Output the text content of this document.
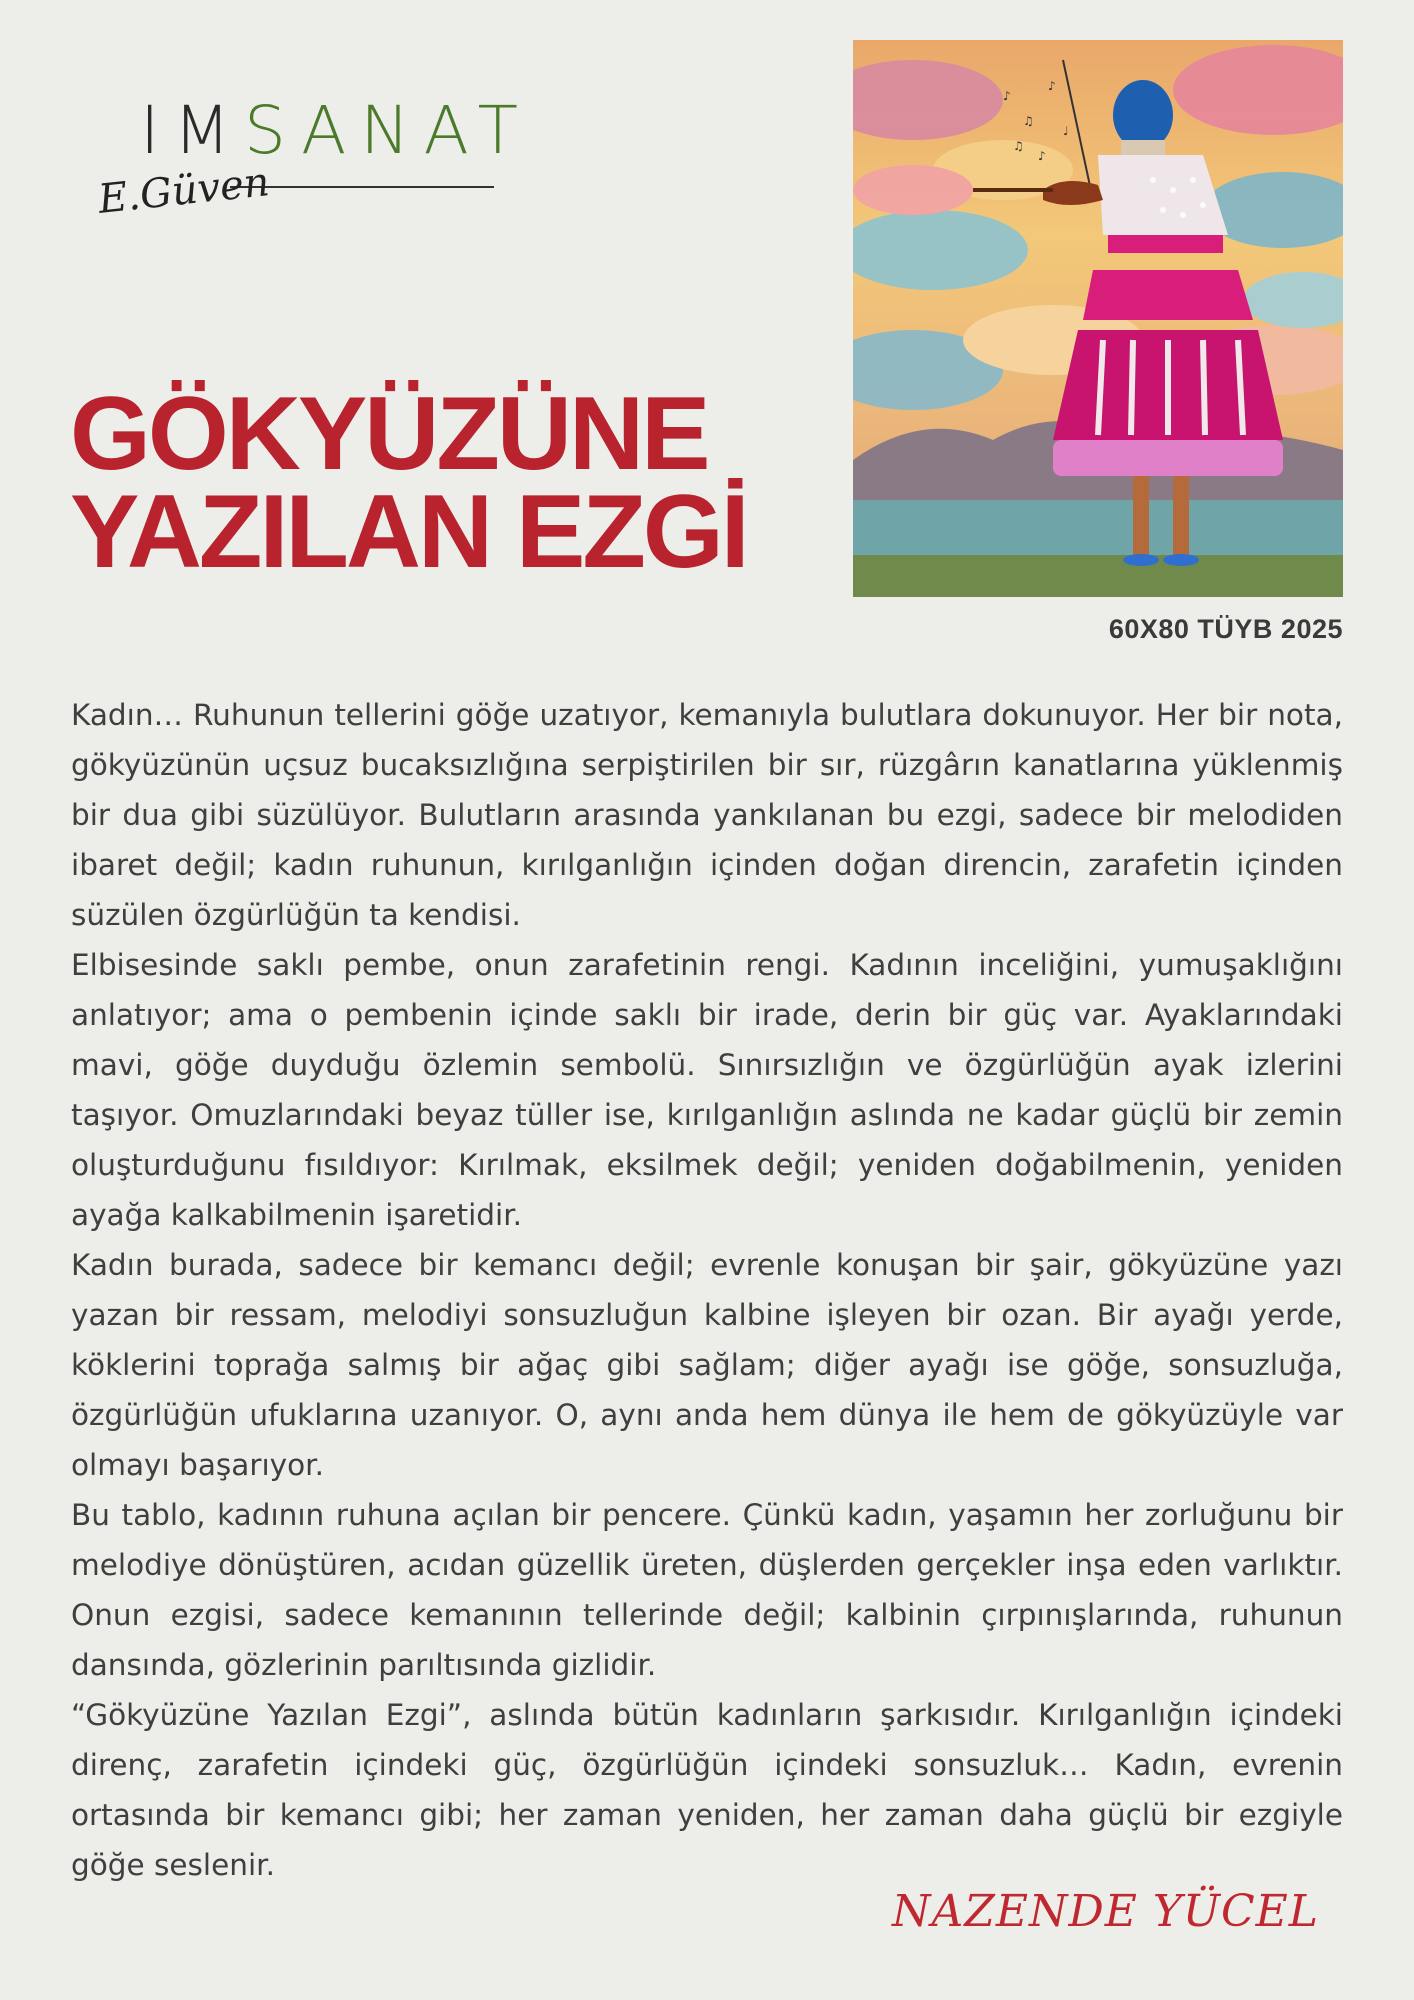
IM SANAT
E.Güven
GÖKYÜZÜNE
YAZILAN EZGİ
♪
♫
♪
♩
♫
♪
60X80 TÜYB 2025

Kadın… Ruhunun tellerini göğe uzatıyor, kemanıyla bulutlara dokunuyor. Her bir nota, gökyüzünün uçsuz bucaksızlığına serpiştirilen bir sır, rüzgârın kanatlarına yüklenmiş bir dua gibi süzülüyor. Bulutların arasında yankılanan bu ezgi, sadece bir melodiden ibaret değil; kadın ruhunun, kırılganlığın içinden doğan direncin, zarafetin içinden süzülen özgürlüğün ta kendisi.

Elbisesinde saklı pembe, onun zarafetinin rengi. Kadının inceliğini, yumuşaklığını anlatıyor; ama o pembenin içinde saklı bir irade, derin bir güç var. Ayaklarındaki mavi, göğe duyduğu özlemin sembolü. Sınırsızlığın ve özgürlüğün ayak izlerini taşıyor. Omuzlarındaki beyaz tüller ise, kırılganlığın aslında ne kadar güçlü bir zemin oluşturduğunu fısıldıyor: Kırılmak, eksilmek değil; yeniden doğabilmenin, yeniden ayağa kalkabilmenin işaretidir.

Kadın burada, sadece bir kemancı değil; evrenle konuşan bir şair, gökyüzüne yazı yazan bir ressam, melodiyi sonsuzluğun kalbine işleyen bir ozan. Bir ayağı yerde, köklerini toprağa salmış bir ağaç gibi sağlam; diğer ayağı ise göğe, sonsuzluğa, özgürlüğün ufuklarına uzanıyor. O, aynı anda hem dünya ile hem de gökyüzüyle var olmayı başarıyor.

Bu tablo, kadının ruhuna açılan bir pencere. Çünkü kadın, yaşamın her zorluğunu bir melodiye dönüştüren, acıdan güzellik üreten, düşlerden gerçekler inşa eden varlıktır. Onun ezgisi, sadece kemanının tellerinde değil; kalbinin çırpınışlarında, ruhunun dansında, gözlerinin parıltısında gizlidir.

“Gökyüzüne Yazılan Ezgi”, aslında bütün kadınların şarkısıdır. Kırılganlığın içindeki direnç, zarafetin içindeki güç, özgürlüğün içindeki sonsuzluk… Kadın, evrenin ortasında bir kemancı gibi; her zaman yeniden, her zaman daha güçlü bir ezgiyle göğe seslenir.

NAZENDE YÜCEL
